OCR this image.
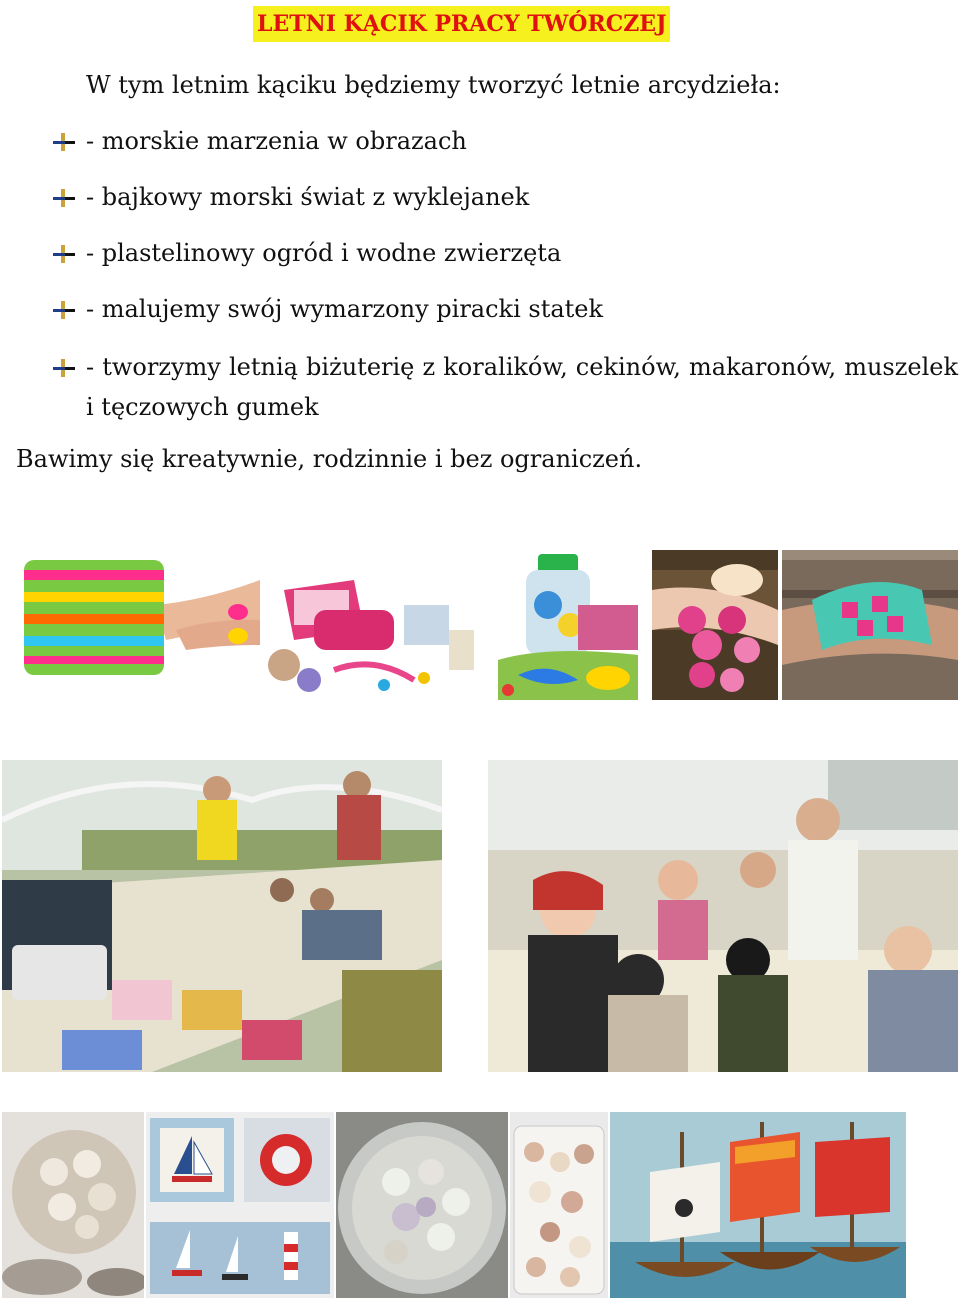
LETNI KĄCIK PRACY TWÓRCZEJ
W tym letnim kąciku będziemy tworzyć letnie arcydzieła:
- morskie marzenia w obrazach
- bajkowy morski świat z wyklejanek
- plastelinowy ogród i wodne zwierzęta
- malujemy swój wymarzony piracki statek
- tworzymy letnią biżuterię z koralików, cekinów, makaronów, muszelek i tęczowych gumek
Bawimy się kreatywnie, rodzinnie i bez ograniczeń.
